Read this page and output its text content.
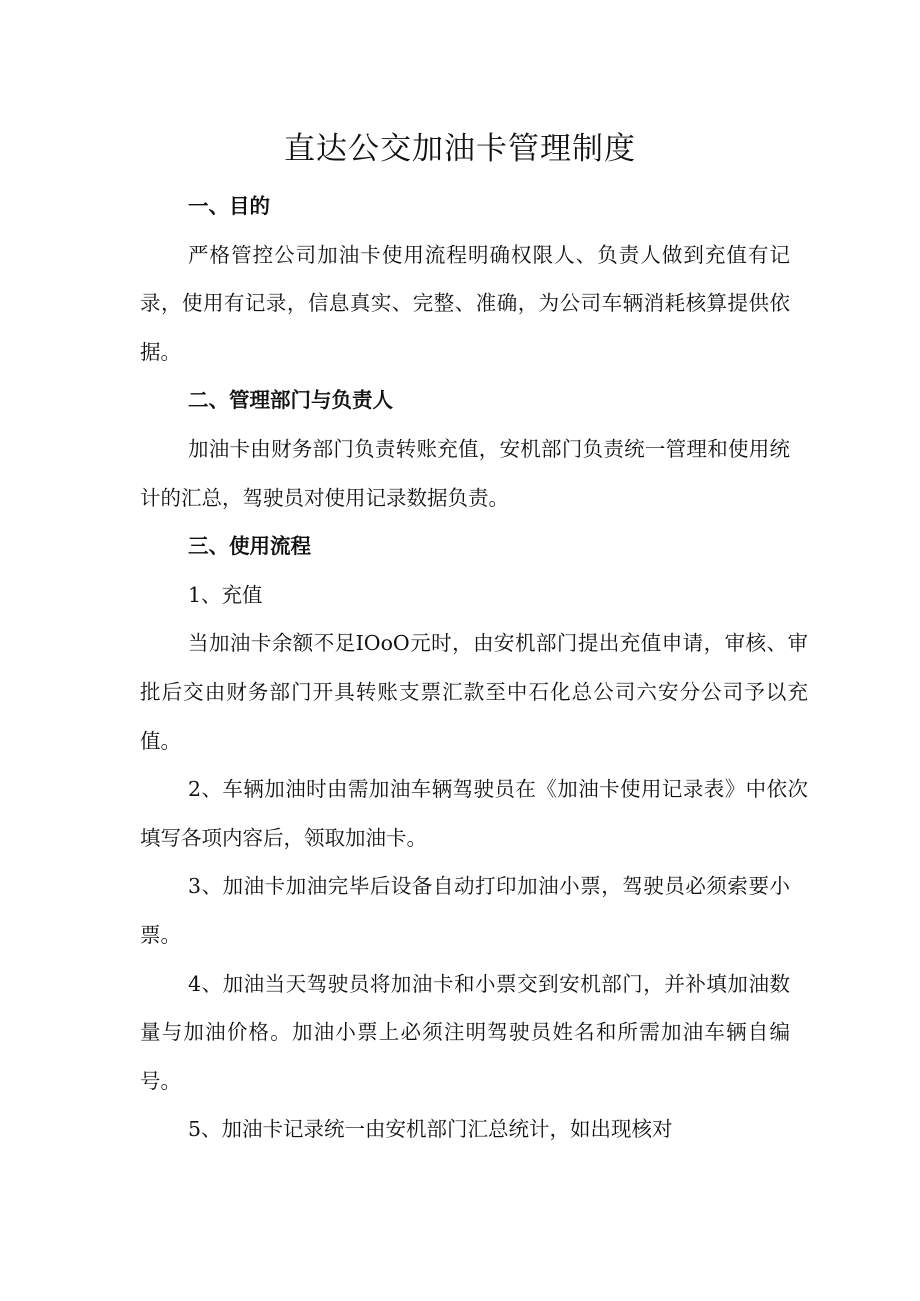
直达公交加油卡管理制度
一、目的

严格管控公司加油卡使用流程明确权限人、负责人做到充值有记录，使用有记录，信息真实、完整、准确，为公司车辆消耗核算提供依据。

二、管理部门与负责人

加油卡由财务部门负责转账充值，安机部门负责统一管理和使用统计的汇总，驾驶员对使用记录数据负责。

三、使用流程

1、充值

当加油卡余额不足IOoO元时，由安机部门提出充值申请，审核、审批后交由财务部门开具转账支票汇款至中石化总公司六安分公司予以充值。

2、车辆加油时由需加油车辆驾驶员在《加油卡使用记录表》中依次填写各项内容后，领取加油卡。

3、加油卡加油完毕后设备自动打印加油小票，驾驶员必须索要小票。

4、加油当天驾驶员将加油卡和小票交到安机部门，并补填加油数量与加油价格。加油小票上必须注明驾驶员姓名和所需加油车辆自编号。

5、加油卡记录统一由安机部门汇总统计，如出现核对
